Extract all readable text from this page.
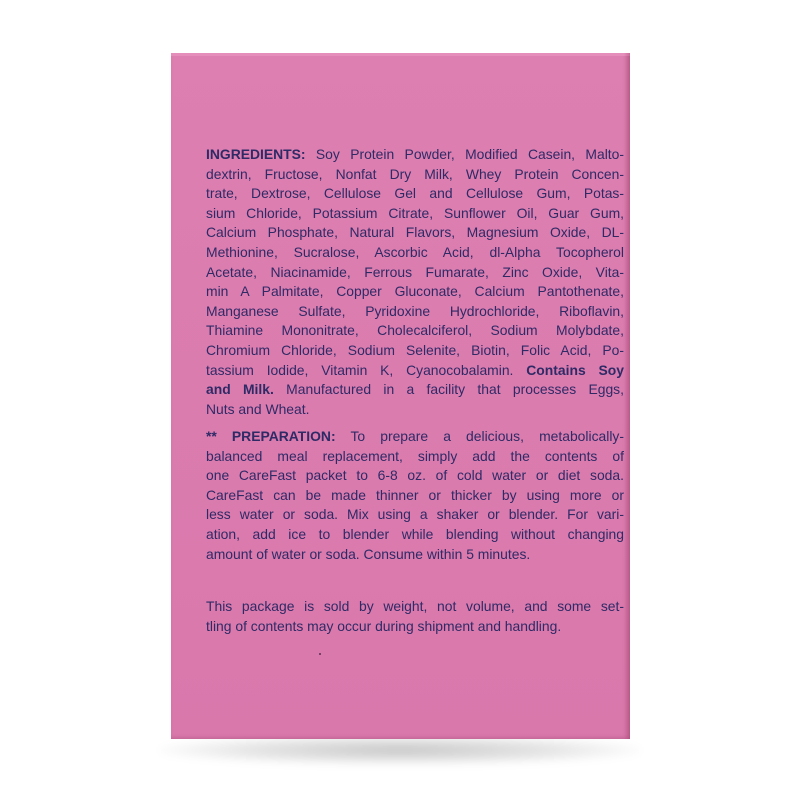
INGREDIENTS: Soy Protein Powder, Modified Casein, Malto-
dextrin, Fructose, Nonfat Dry Milk, Whey Protein Concen-
trate, Dextrose, Cellulose Gel and Cellulose Gum, Potas-
sium Chloride, Potassium Citrate, Sunflower Oil, Guar Gum,
Calcium Phosphate, Natural Flavors, Magnesium Oxide, DL-
Methionine, Sucralose, Ascorbic Acid, dl-Alpha Tocopherol
Acetate, Niacinamide, Ferrous Fumarate, Zinc Oxide, Vita-
min A Palmitate, Copper Gluconate, Calcium Pantothenate,
Manganese Sulfate, Pyridoxine Hydrochloride, Riboflavin,
Thiamine Mononitrate, Cholecalciferol, Sodium Molybdate,
Chromium Chloride, Sodium Selenite, Biotin, Folic Acid, Po-
tassium Iodide, Vitamin K, Cyanocobalamin. Contains Soy
and Milk. Manufactured in a facility that processes Eggs,
Nuts and Wheat.
** PREPARATION: To prepare a delicious, metabolically-
balanced meal replacement, simply add the contents of
one CareFast packet to 6-8 oz. of cold water or diet soda.
CareFast can be made thinner or thicker by using more or
less water or soda. Mix using a shaker or blender. For vari-
ation, add ice to blender while blending without changing
amount of water or soda. Consume within 5 minutes.
This package is sold by weight, not volume, and some set-
tling of contents may occur during shipment and handling.
